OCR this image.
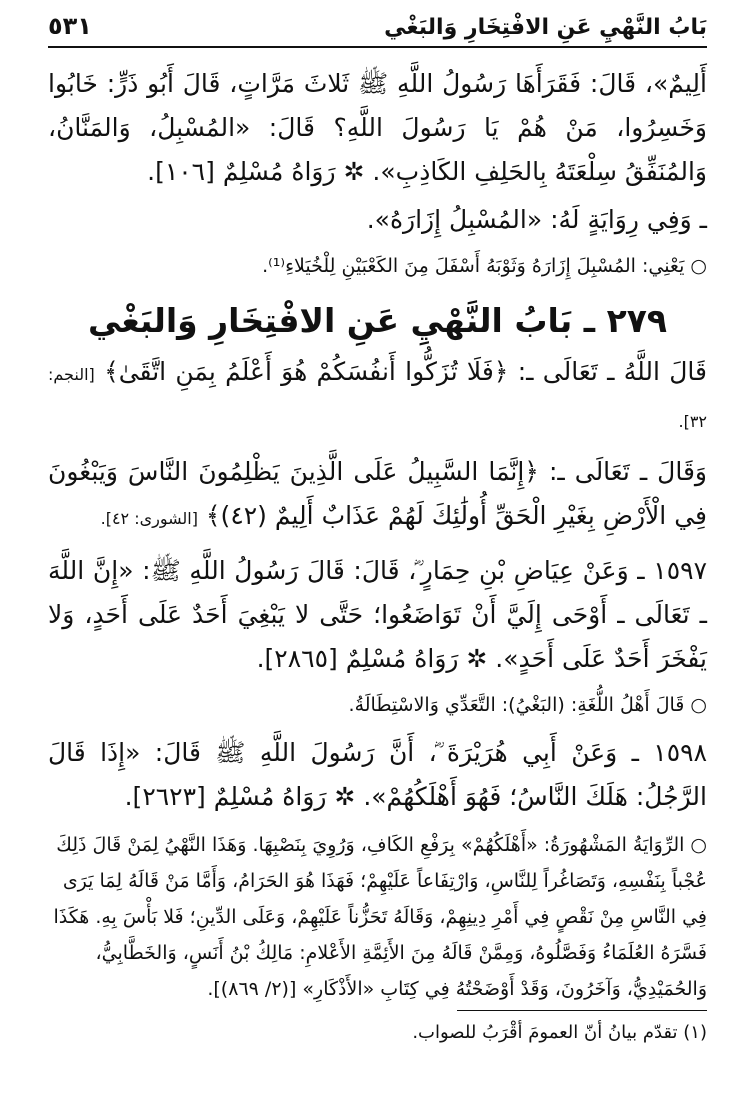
بَابُ النَّهْيِ عَنِ الافْتِخَارِ وَالبَغْي
٥٣١

أَلِيمٌ»، قَالَ: فَقَرَأَهَا رَسُولُ اللَّهِ ﷺ ثَلاثَ مَرَّاتٍ، قَالَ أَبُو ذَرٍّ: خَابُوا وَخَسِرُوا، مَنْ هُمْ يَا رَسُولَ اللَّهِ؟ قَالَ: «المُسْبِلُ، وَالمَنَّانُ، وَالمُنَفِّقُ سِلْعَتَهُ بِالحَلِفِ الكَاذِبِ». ✲ رَوَاهُ مُسْلِمٌ [١٠٦].

ـ وَفِي رِوَايَةٍ لَهُ: «المُسْبِلُ إِزَارَهُ».

○ يَعْنِي: المُسْبِلَ إِزَارَهُ وَثَوْبَهُ أَسْفَلَ مِنَ الكَعْبَيْنِ لِلْخُيَلاءِ⁽¹⁾.

٢٧٩ ـ بَابُ النَّهْيِ عَنِ الافْتِخَارِ وَالبَغْي

قَالَ اللَّهُ ـ تَعَالَى ـ: ﴿فَلَا تُزَكُّوا أَنفُسَكُمْ هُوَ أَعْلَمُ بِمَنِ اتَّقَىٰ﴾ [النجم: ٣٢].

وَقَالَ ـ تَعَالَى ـ: ﴿إِنَّمَا السَّبِيلُ عَلَى الَّذِينَ يَظْلِمُونَ النَّاسَ وَيَبْغُونَ فِي الْأَرْضِ بِغَيْرِ الْحَقِّ أُولَٰئِكَ لَهُمْ عَذَابٌ أَلِيمٌ (٤٢)﴾ [الشورى: ٤٢].

١٥٩٧ ـ وَعَنْ عِيَاضِ بْنِ حِمَارٍ ؓ، قَالَ: قَالَ رَسُولُ اللَّهِ ﷺ: «إِنَّ اللَّهَ ـ تَعَالَى ـ أَوْحَى إِلَيَّ أَنْ تَوَاضَعُوا؛ حَتَّى لا يَبْغِيَ أَحَدٌ عَلَى أَحَدٍ، وَلا يَفْخَرَ أَحَدٌ عَلَى أَحَدٍ». ✲ رَوَاهُ مُسْلِمٌ [٢٨٦٥].

○ قَالَ أَهْلُ اللُّغَةِ: (البَغْيُ): التَّعَدِّي وَالاسْتِطَالَةُ.

١٥٩٨ ـ وَعَنْ أَبِي هُرَيْرَةَ ؓ، أَنَّ رَسُولَ اللَّهِ ﷺ قَالَ: «إِذَا قَالَ الرَّجُلُ: هَلَكَ النَّاسُ؛ فَهُوَ أَهْلَكُهُمْ». ✲ رَوَاهُ مُسْلِمٌ [٢٦٢٣].

○ الرِّوَايَةُ المَشْهُورَةُ: «أَهْلَكُهُمْ» بِرَفْعِ الكَافِ، وَرُوِيَ بِنَصْبِهَا. وَهَذَا النَّهْيُ لِمَنْ قَالَ ذَلِكَ عُجْباً بِنَفْسِهِ، وَتَصَاغُراً لِلنَّاسِ، وَارْتِفَاعاً عَلَيْهِمْ؛ فَهَذَا هُوَ الحَرَامُ، وَأَمَّا مَنْ قَالَهُ لِمَا يَرَى فِي النَّاسِ مِنْ نَقْصٍ فِي أَمْرِ دِينِهِمْ، وَقَالَهُ تَحَزُّناً عَلَيْهِمْ، وَعَلَى الدِّينِ؛ فَلا بَأْسَ بِهِ. هَكَذَا فَسَّرَهُ العُلَمَاءُ وَفَصَّلُوهُ، وَمِمَّنْ قَالَهُ مِنَ الأَئِمَّةِ الأَعْلامِ: مَالِكُ بْنُ أَنَسٍ، وَالخَطَّابِيُّ، وَالحُمَيْدِيُّ، وَآخَرُونَ، وَقَدْ أَوْضَحْتُهُ فِي كِتَابِ «الأَذْكَارِ» [(٢/ ٨٦٩)].

(١) تقدّم بيانُ أنّ العمومَ أقْرَبُ للصواب.
